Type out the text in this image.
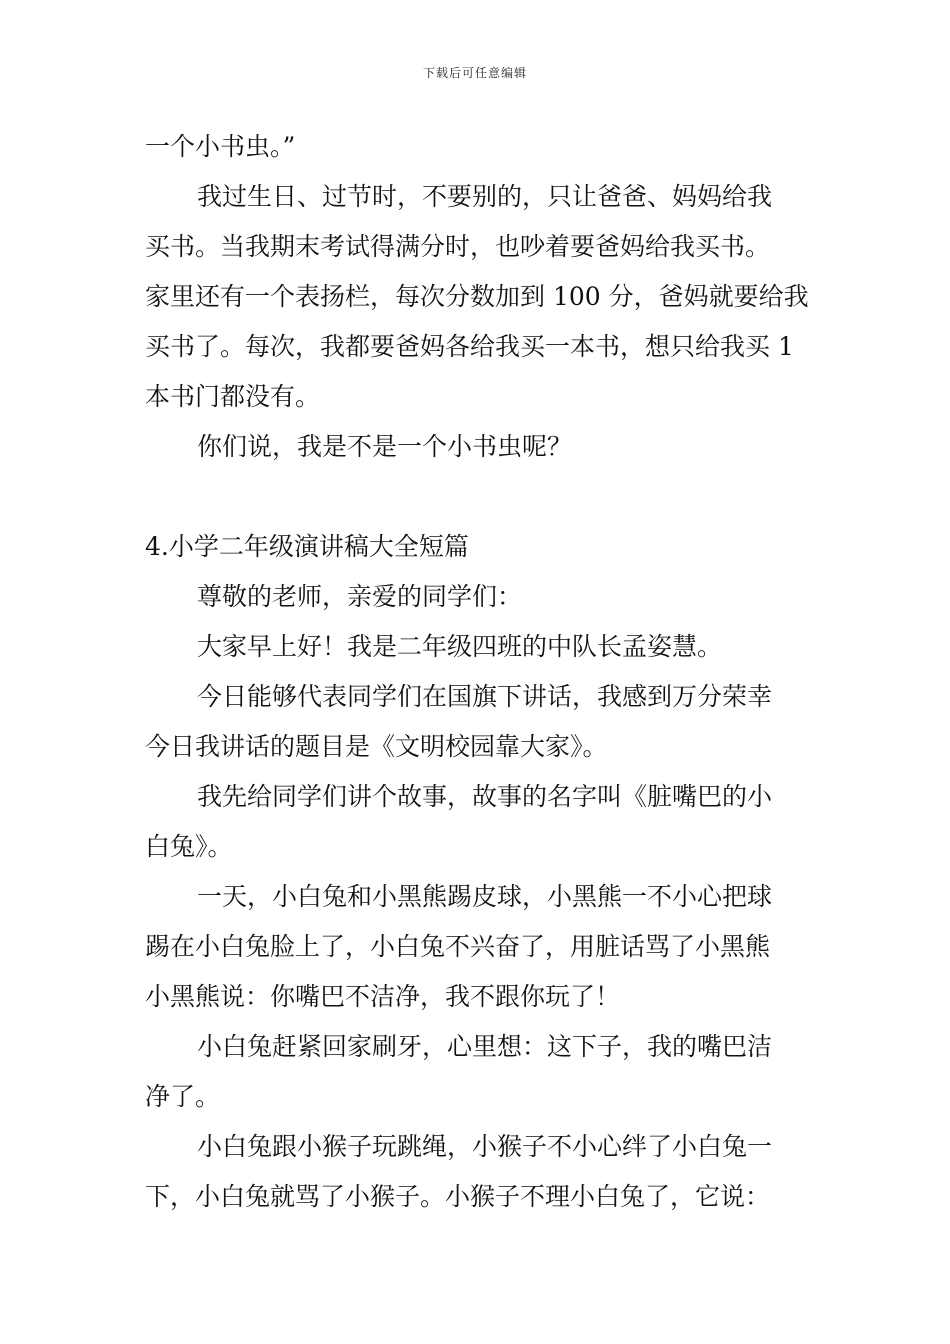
下载后可任意编辑
一个小书虫。”
我过生日、过节时，不要别的，只让爸爸、妈妈给我
买书。当我期末考试得满分时，也吵着要爸妈给我买书。
家里还有一个表扬栏，每次分数加到 100 分，爸妈就要给我
买书了。每次，我都要爸妈各给我买一本书，想只给我买 1
本书门都没有。
你们说，我是不是一个小书虫呢？
4.小学二年级演讲稿大全短篇
尊敬的老师，亲爱的同学们：
大家早上好！我是二年级四班的中队长孟姿慧。
今日能够代表同学们在国旗下讲话，我感到万分荣幸
今日我讲话的题目是《文明校园靠大家》。
我先给同学们讲个故事，故事的名字叫《脏嘴巴的小
白兔》。
一天，小白兔和小黑熊踢皮球，小黑熊一不小心把球
踢在小白兔脸上了，小白兔不兴奋了，用脏话骂了小黑熊
小黑熊说：你嘴巴不洁净，我不跟你玩了！
小白兔赶紧回家刷牙，心里想：这下子，我的嘴巴洁
净了。
小白兔跟小猴子玩跳绳，小猴子不小心绊了小白兔一
下，小白兔就骂了小猴子。小猴子不理小白兔了，它说：
